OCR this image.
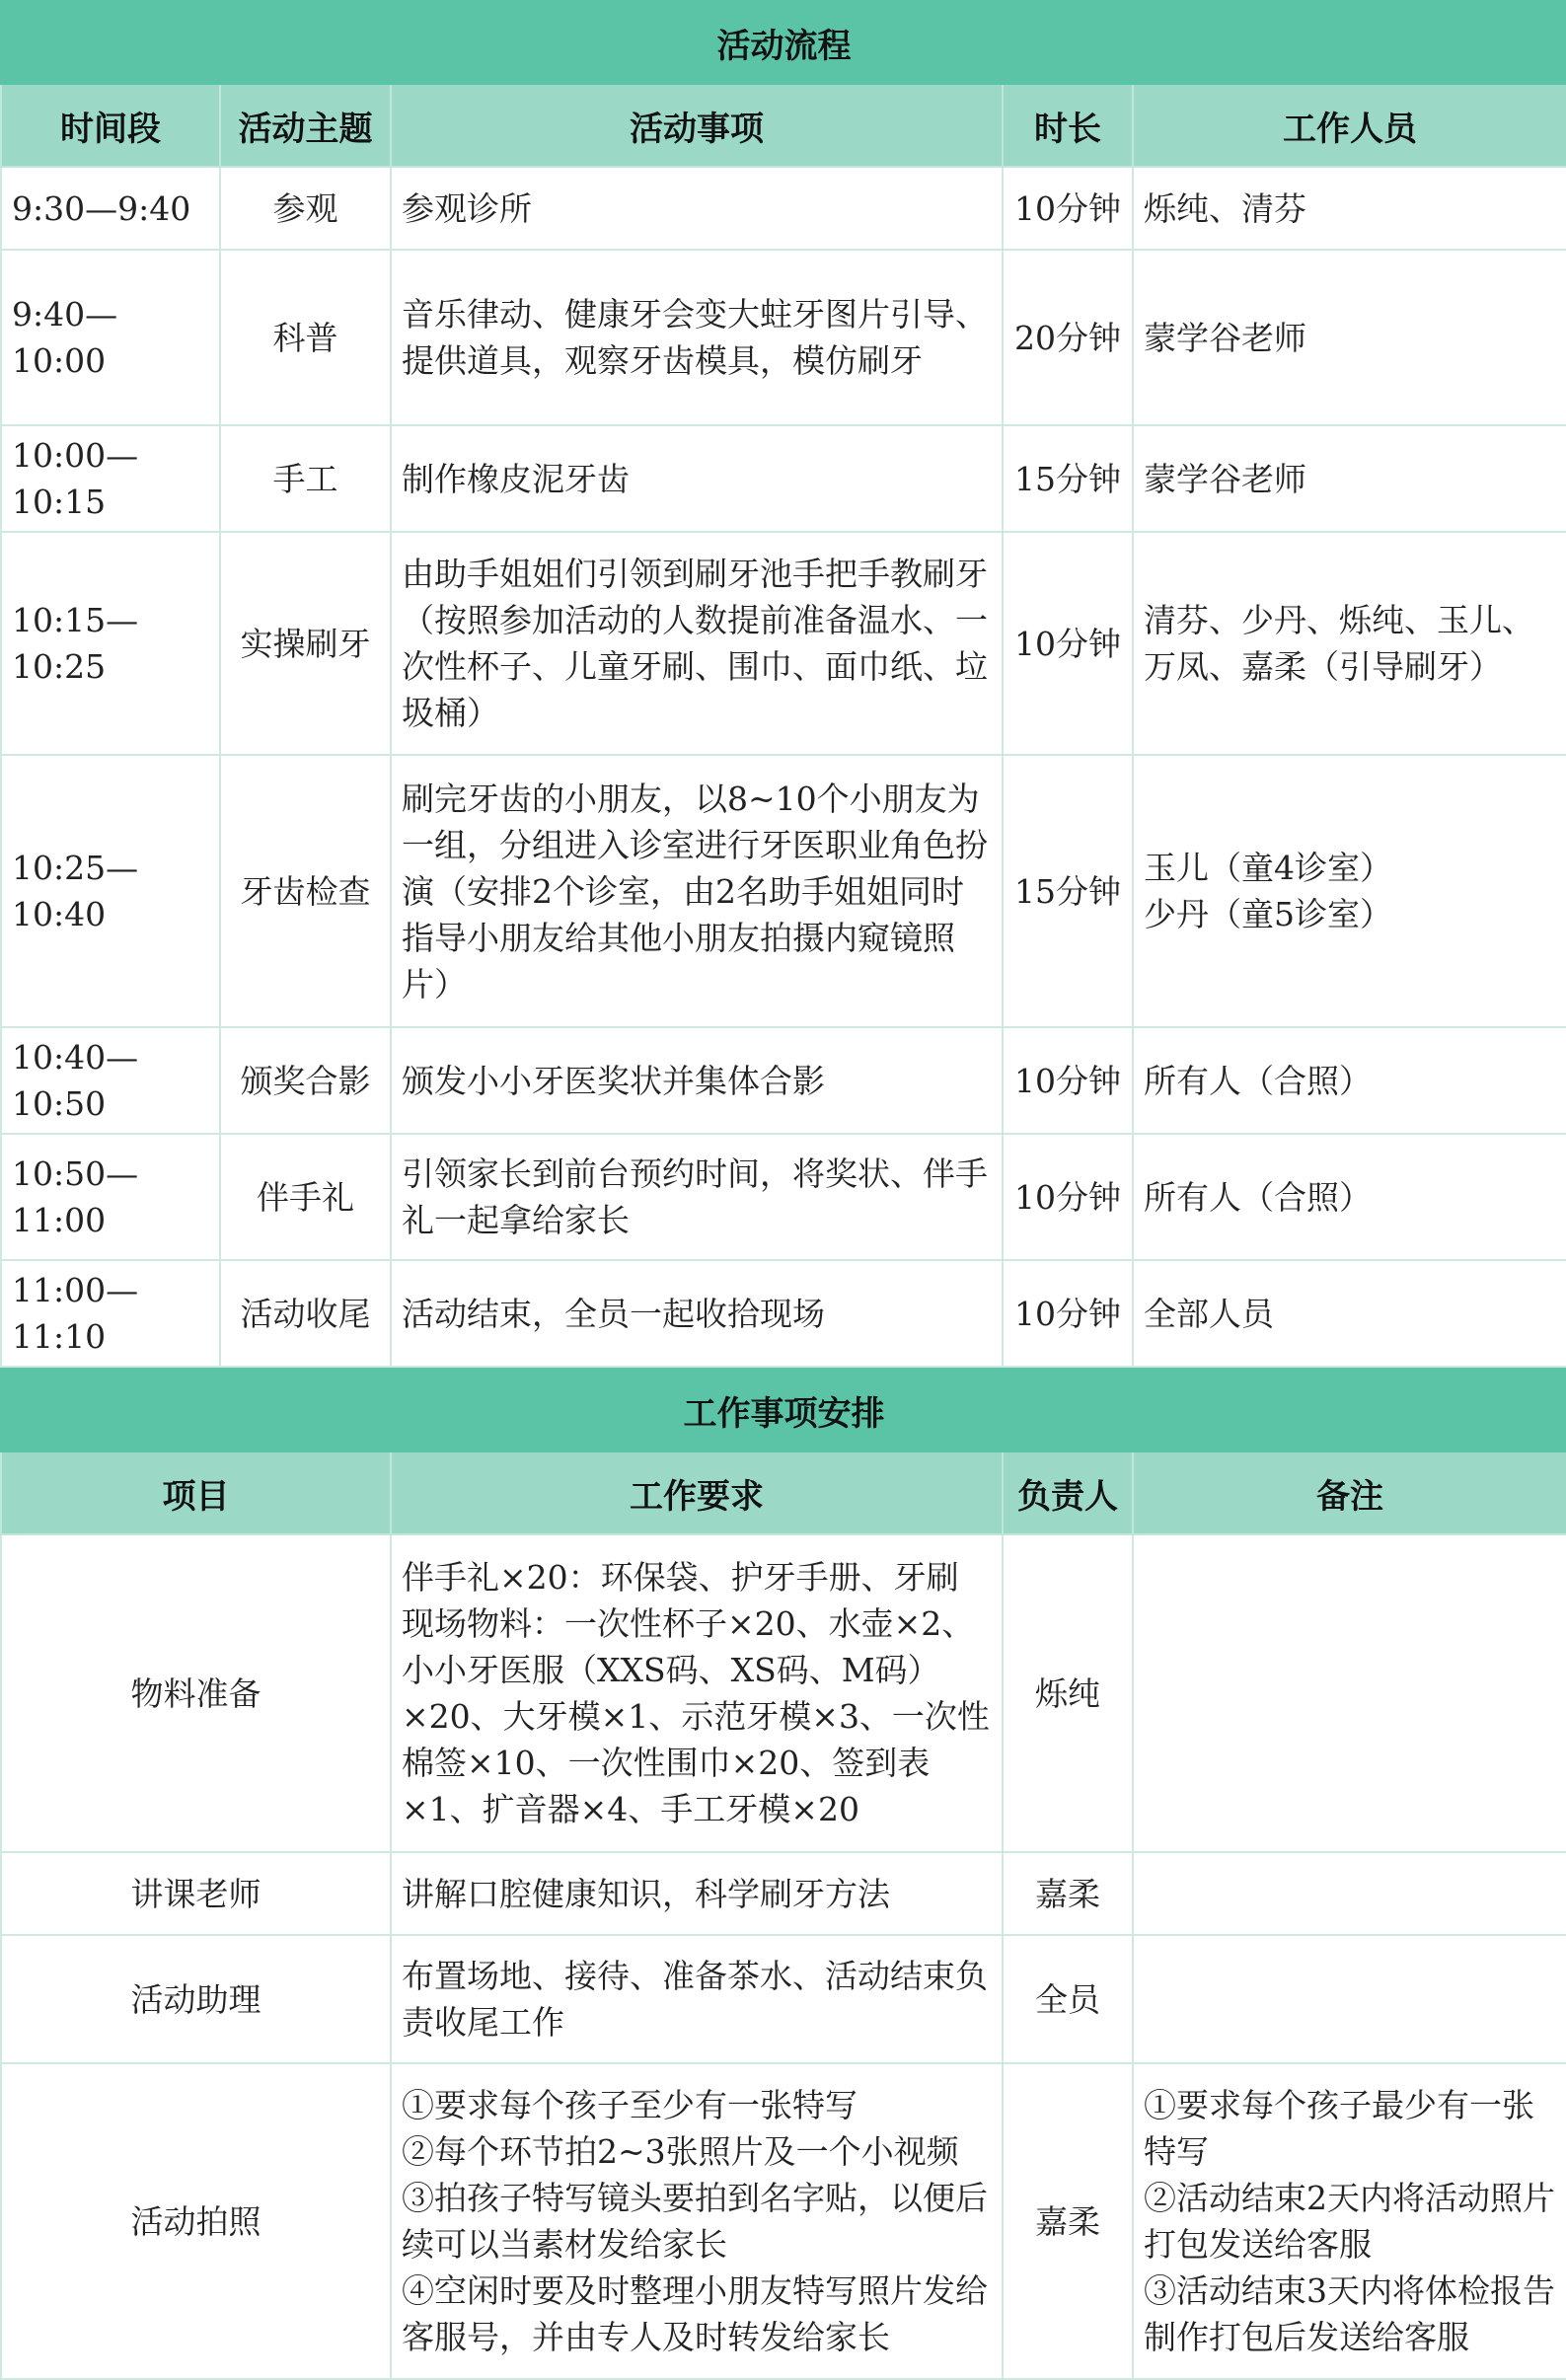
活动流程				
时间段	活动主题	活动事项	时长	工作人员
9:30—9:40	参观	参观诊所	10分钟	烁纯、清芬
9:40—10:00	科普	音乐律动、健康牙会变大蛀牙图片引导、提供道具，观察牙齿模具，模仿刷牙	20分钟	蒙学谷老师
10:00—10:15	手工	制作橡皮泥牙齿	15分钟	蒙学谷老师
10:15—10:25	实操刷牙	由助手姐姐们引领到刷牙池手把手教刷牙（按照参加活动的人数提前准备温水、一次性杯子、儿童牙刷、围巾、面巾纸、垃圾桶）	10分钟	清芬、少丹、烁纯、玉儿、万凤、嘉柔（引导刷牙）
10:25—10:40	牙齿检查	刷完牙齿的小朋友，以8~10个小朋友为一组，分组进入诊室进行牙医职业角色扮演（安排2个诊室，由2名助手姐姐同时指导小朋友给其他小朋友拍摄内窥镜照片）	15分钟	玉儿（童4诊室）
少丹（童5诊室）
10:40—10:50	颁奖合影	颁发小小牙医奖状并集体合影	10分钟	所有人（合照）
10:50—11:00	伴手礼	引领家长到前台预约时间，将奖状、伴手礼一起拿给家长	10分钟	所有人（合照）
11:00—11:10	活动收尾	活动结束，全员一起收拾现场	10分钟	全部人员
工作事项安排			
项目	工作要求	负责人	备注
物料准备	伴手礼×20：环保袋、护牙手册、牙刷
现场物料：一次性杯子×20、水壶×2、小小牙医服（XXS码、XS码、M码）×20、大牙模×1、示范牙模×3、一次性棉签×10、一次性围巾×20、签到表×1、扩音器×4、手工牙模×20	烁纯	
讲课老师	讲解口腔健康知识，科学刷牙方法	嘉柔	
活动助理	布置场地、接待、准备茶水、活动结束负责收尾工作	全员	
活动拍照	①要求每个孩子至少有一张特写
②每个环节拍2~3张照片及一个小视频
③拍孩子特写镜头要拍到名字贴，以便后续可以当素材发给家长
④空闲时要及时整理小朋友特写照片发给客服号，并由专人及时转发给家长	嘉柔	①要求每个孩子最少有一张特写
②活动结束2天内将活动照片打包发送给客服
③活动结束3天内将体检报告制作打包后发送给客服
